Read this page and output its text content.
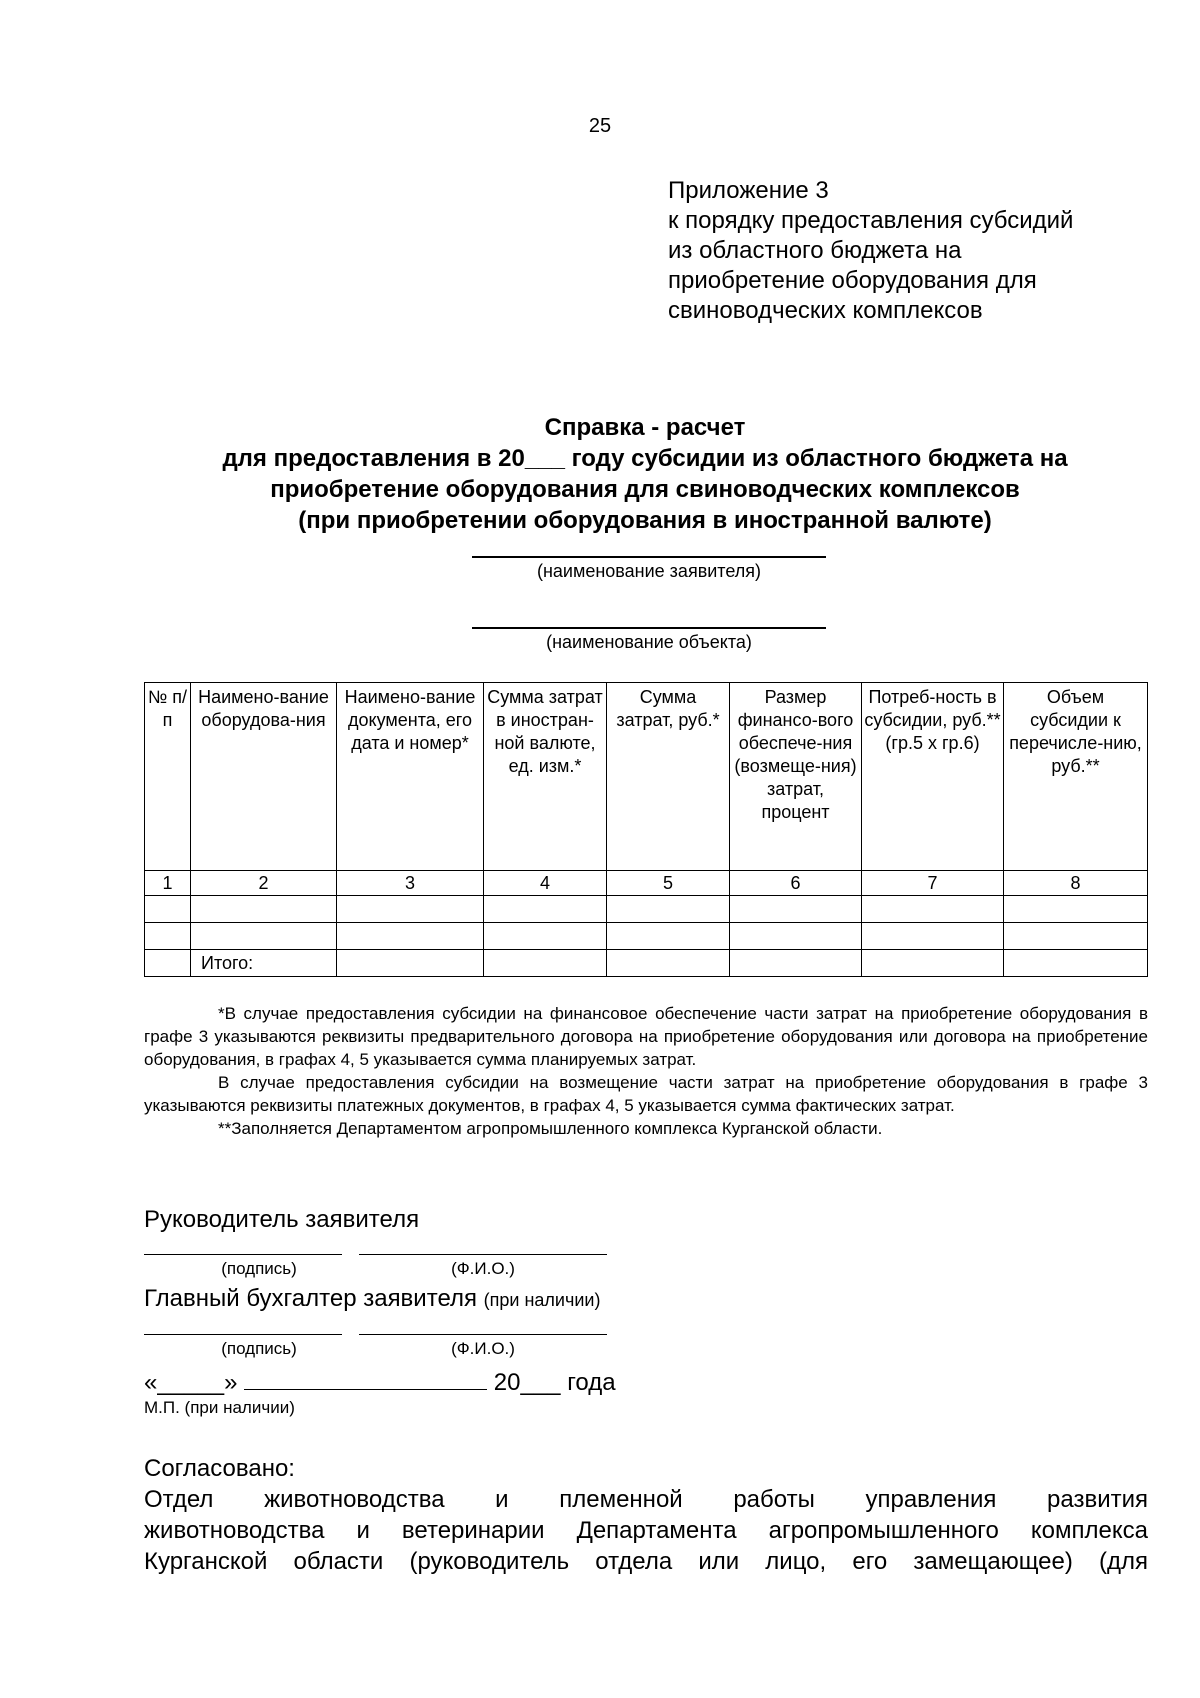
25
Приложение 3
к порядку предоставления субсидий
из областного бюджета на
приобретение оборудования для
свиноводческих комплексов
Справка - расчет
для предоставления в 20___ году субсидии из областного бюджета на
приобретение оборудования для свиноводческих комплексов
(при приобретении оборудования в иностранной валюте)
(наименование заявителя)
(наименование объекта)
№ п/п	Наимено-вание оборудова-ния	Наимено-вание документа, его дата и номер*	Сумма затрат в иностран-ной валюте, ед. изм.*	Сумма затрат, руб.*	Размер финансо-вого обеспече-ния (возмеще-ния) затрат, процент	Потреб-ность в субсидии, руб.** (гр.5 x гр.6)	Объем субсидии к перечисле-нию, руб.**
1	2	3	4	5	6	7	8

	Итого:						

*В случае предоставления субсидии на финансовое обеспечение части затрат на приобретение оборудования в графе 3 указываются реквизиты предварительного договора на приобретение оборудования или договора на приобретение оборудования, в графах 4, 5 указывается сумма планируемых затрат.

В случае предоставления субсидии на возмещение части затрат на приобретение оборудования в графе 3 указываются реквизиты платежных документов, в графах 4, 5 указывается сумма фактических затрат.

**Заполняется Департаментом агропромышленного комплекса Курганской области.

Руководитель заявителя
(подпись)	(Ф.И.О.)
Главный бухгалтер заявителя (при наличии)
(подпись)	(Ф.И.О.)
«_____»	20___ года
М.П. (при наличии)

Согласовано:

Отдел животноводства и племенной работы управления развития

животноводства и ветеринарии Департамента агропромышленного комплекса

Курганской области (руководитель отдела или лицо, его замещающее) (для
